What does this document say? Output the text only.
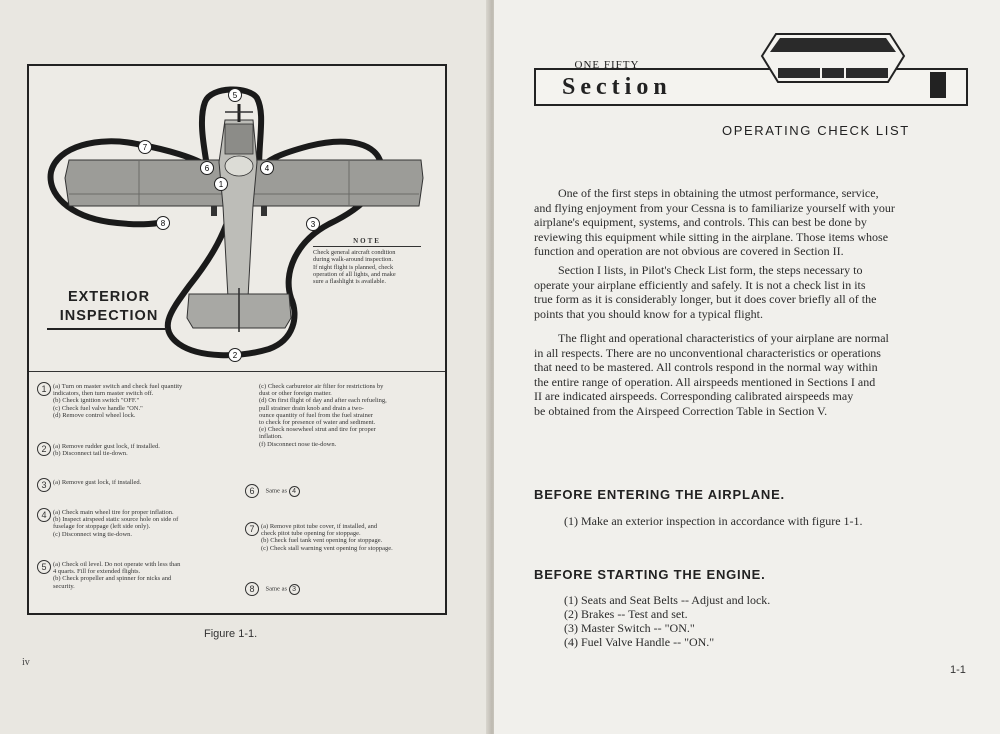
1
2
3
4
5
6
7
8
EXTERIOR
INSPECTION
NOTE
Check general aircraft condition
during walk-around inspection.
If night flight is planned, check
operation of all lights, and make
sure a flashlight is available.
1	(a) Turn on master switch and check fuel quantity
indicators, then turn master switch off.
(b) Check ignition switch "OFF."
(c) Check fuel valve handle "ON."
(d) Remove control wheel lock.
2	(a) Remove rudder gust lock, if installed.
(b) Disconnect tail tie-down.
3	(a) Remove gust lock, if installed.
4	(a) Check main wheel tire for proper inflation.
(b) Inspect airspeed static source hole on side of
fuselage for stoppage (left side only).
(c) Disconnect wing tie-down.
5	(a) Check oil level. Do not operate with less than
4 quarts. Fill for extended flights.
(b) Check propeller and spinner for nicks and
security.
(c) Check carburetor air filter for restrictions by
dust or other foreign matter.
(d) On first flight of day and after each refueling,
pull strainer drain knob and drain a two-
ounce quantity of fuel from the fuel strainer
to check for presence of water and sediment.
(e) Check nosewheel strut and tire for proper
inflation.
(f) Disconnect nose tie-down.
6 Same as 4
7	(a) Remove pitot tube cover, if installed, and
check pitot tube opening for stoppage.
(b) Check fuel tank vent opening for stoppage.
(c) Check stall warning vent opening for stoppage.
8 Same as 3
Figure 1-1.
iv
Section
I
ONE FIFTY
OPERATING CHECK LIST
One of the first steps in obtaining the utmost performance, service,
and flying enjoyment from your Cessna is to familiarize yourself with your
airplane's equipment, systems, and controls. This can best be done by
reviewing this equipment while sitting in the airplane. Those items whose
function and operation are not obvious are covered in Section II.
Section I lists, in Pilot's Check List form, the steps necessary to
operate your airplane efficiently and safely. It is not a check list in its
true form as it is considerably longer, but it does cover briefly all of the
points that you should know for a typical flight.
The flight and operational characteristics of your airplane are normal
in all respects. There are no unconventional characteristics or operations
that need to be mastered. All controls respond in the normal way within
the entire range of operation. All airspeeds mentioned in Sections I and
II are indicated airspeeds. Corresponding calibrated airspeeds may
be obtained from the Airspeed Correction Table in Section V.
BEFORE ENTERING THE AIRPLANE.
(1) Make an exterior inspection in accordance with figure 1-1.
BEFORE STARTING THE ENGINE.
(1) Seats and Seat Belts -- Adjust and lock.
(2) Brakes -- Test and set.
(3) Master Switch -- "ON."
(4) Fuel Valve Handle -- "ON."
1-1
